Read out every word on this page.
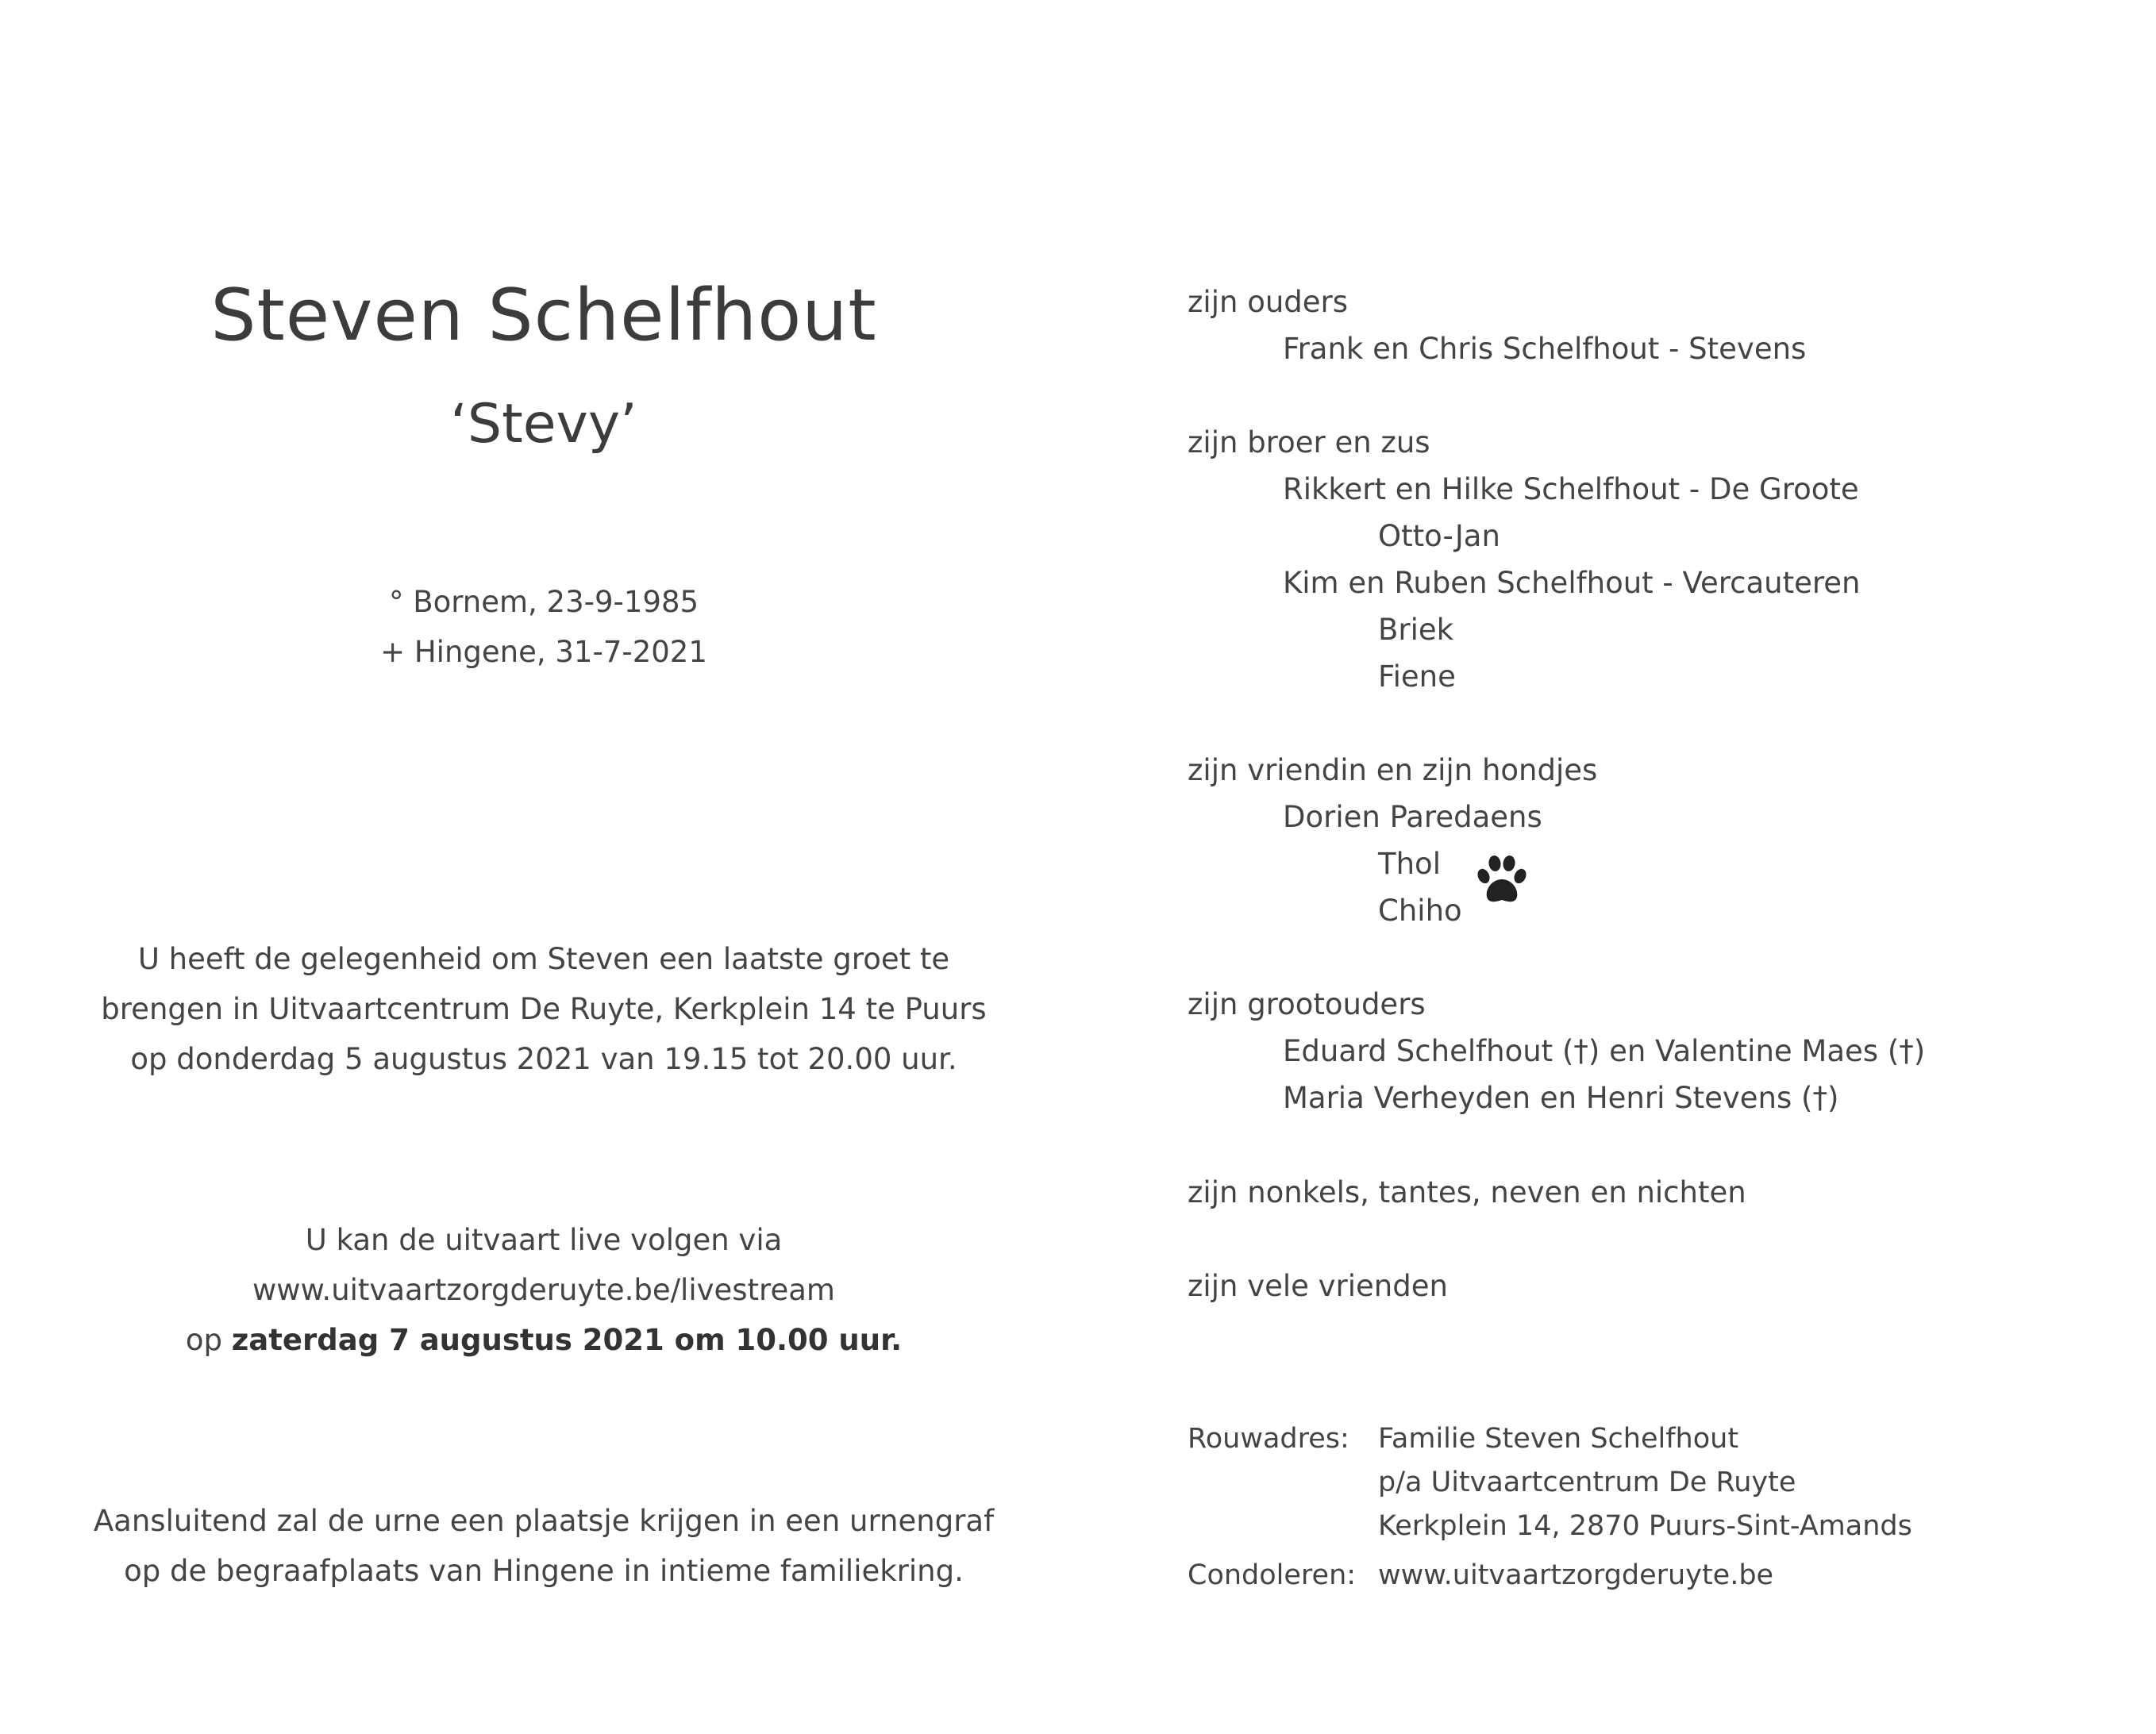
Steven Schelfhout
‘Stevy’
° Bornem, 23-9-1985
+ Hingene, 31-7-2021
U heeft de gelegenheid om Steven een laatste groet te
brengen in Uitvaartcentrum De Ruyte, Kerkplein 14 te Puurs
op donderdag 5 augustus 2021 van 19.15 tot 20.00 uur.
U kan de uitvaart live volgen via
www.uitvaartzorgderuyte.be/livestream
op zaterdag 7 augustus 2021 om 10.00 uur.
Aansluitend zal de urne een plaatsje krijgen in een urnengraf
op de begraafplaats van Hingene in intieme familiekring.
zijn ouders
Frank en Chris Schelfhout - Stevens
zijn broer en zus
Rikkert en Hilke Schelfhout - De Groote
Otto-Jan
Kim en Ruben Schelfhout - Vercauteren
Briek
Fiene
zijn vriendin en zijn hondjes
Dorien Paredaens
Thol
Chiho
zijn grootouders
Eduard Schelfhout (†) en Valentine Maes (†)
Maria Verheyden en Henri Stevens (†)
zijn nonkels, tantes, neven en nichten
zijn vele vrienden
Rouwadres: Familie Steven Schelfhout
p/a Uitvaartcentrum De Ruyte
Kerkplein 14, 2870 Puurs-Sint-Amands
Condoleren: www.uitvaartzorgderuyte.be
